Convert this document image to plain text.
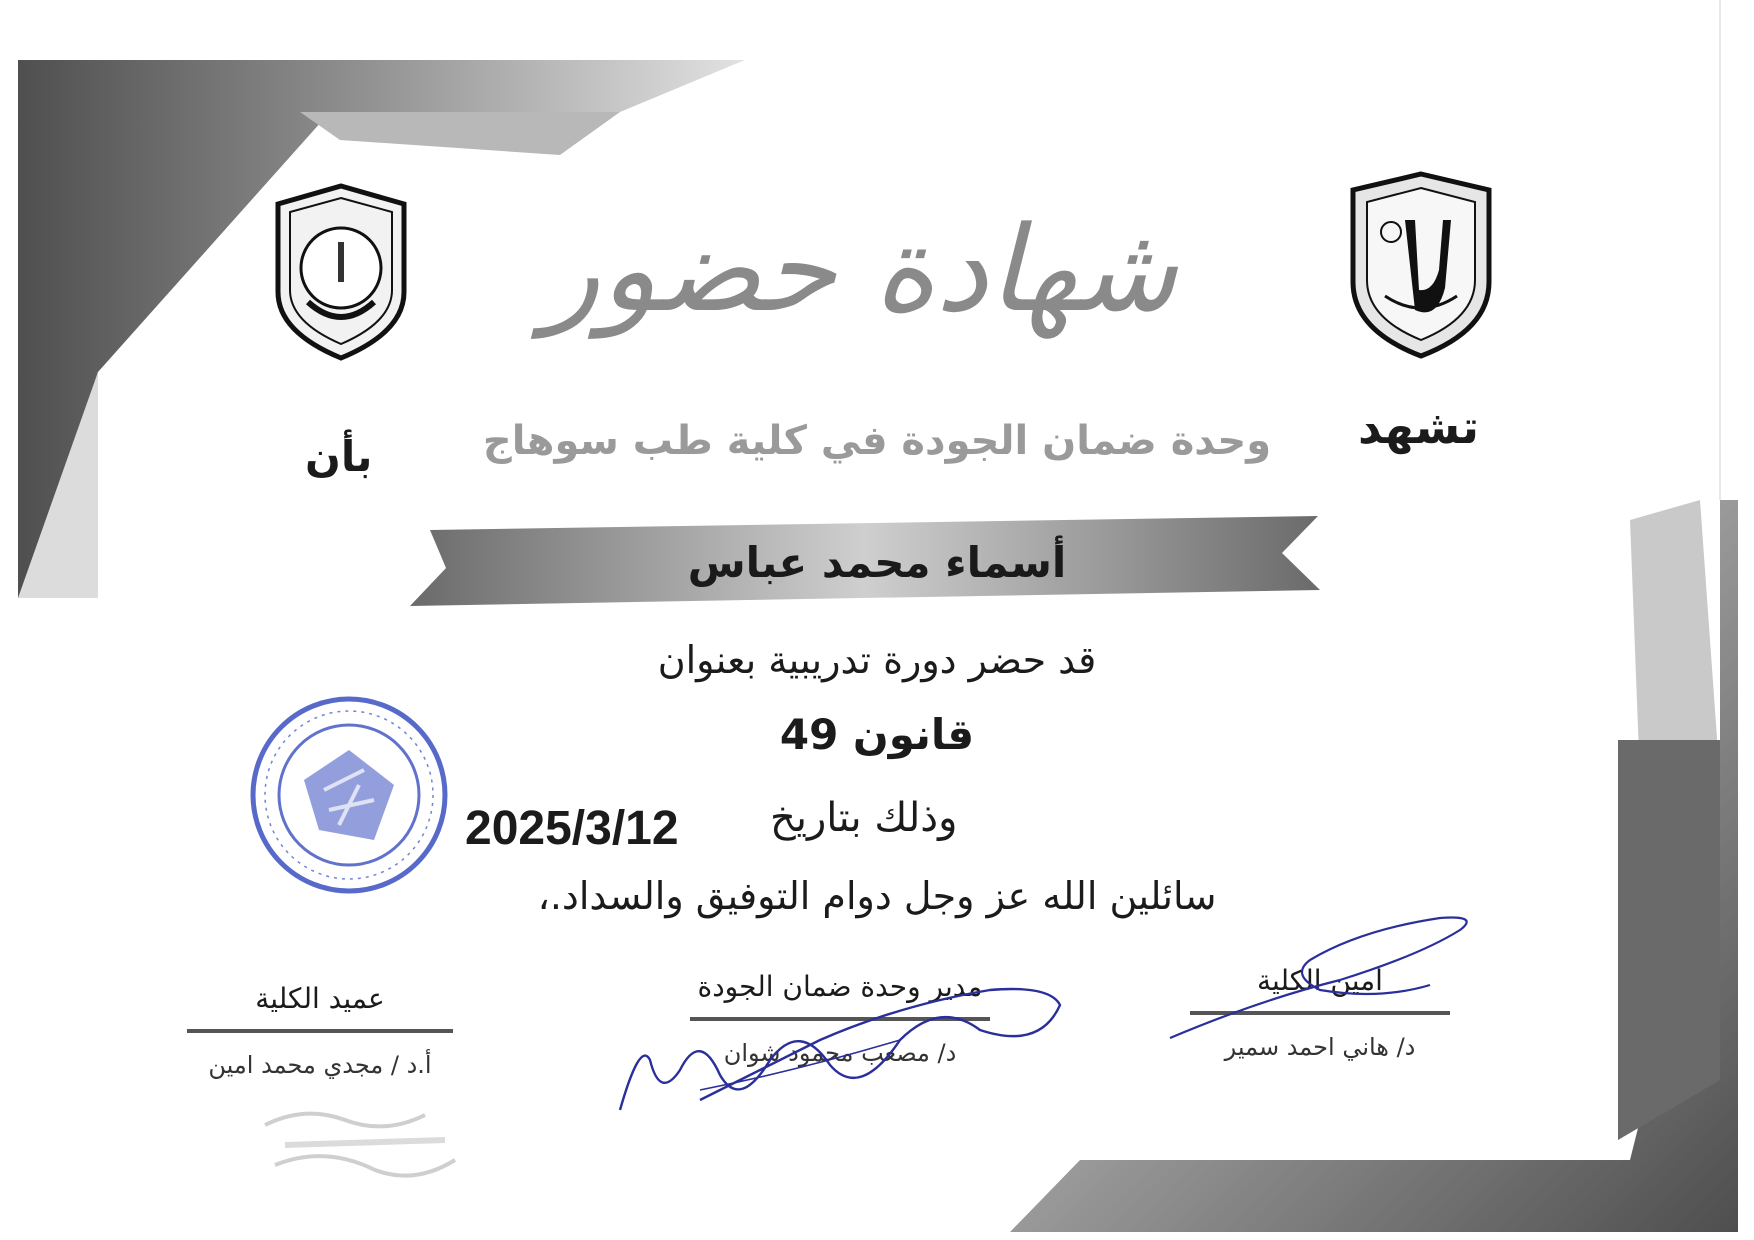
شهادة حضور
تشهد
وحدة ضمان الجودة في كلية طب سوهاج
بأن
أسماء محمد عباس
قد حضر دورة تدريبية بعنوان
قانون 49
وذلك بتاريخ
2025/3/12
سائلين الله عز وجل دوام التوفيق والسداد.،
امين الكلية
د/ هاني احمد سمير
مدير وحدة ضمان الجودة
د/ مصعب محمود شوان
عميد الكلية
أ.د / مجدي محمد امين
